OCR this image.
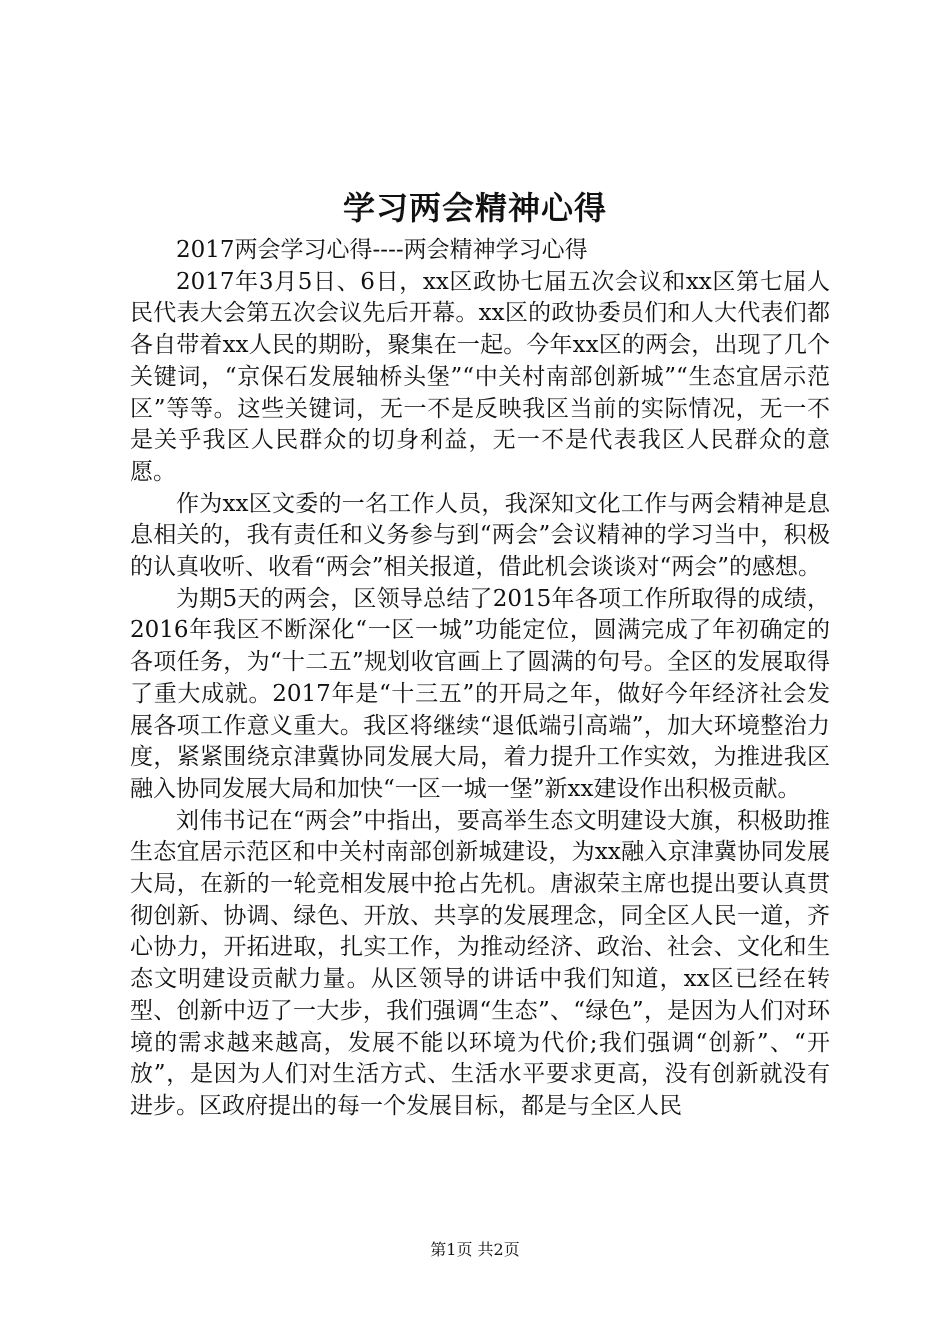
学习两会精神心得

2017两会学习心得----两会精神学习心得

2017年3月5日、6日，xx区政协七届五次会议和xx区第七届人民代表大会第五次会议先后开幕。xx区的政协委员们和人大代表们都各自带着xx人民的期盼，聚集在一起。今年xx区的两会，出现了几个关键词，“京保石发展轴桥头堡”“中关村南部创新城”“生态宜居示范区”等等。这些关键词，无一不是反映我区当前的实际情况，无一不是关乎我区人民群众的切身利益，无一不是代表我区人民群众的意愿。

作为xx区文委的一名工作人员，我深知文化工作与两会精神是息息相关的，我有责任和义务参与到“两会”会议精神的学习当中，积极的认真收听、收看“两会”相关报道，借此机会谈谈对“两会”的感想。

为期5天的两会，区领导总结了2015年各项工作所取得的成绩，2016年我区不断深化“一区一城”功能定位，圆满完成了年初确定的各项任务，为“十二五”规划收官画上了圆满的句号。全区的发展取得了重大成就。2017年是“十三五”的开局之年，做好今年经济社会发展各项工作意义重大。我区将继续“退低端引高端”，加大环境整治力度，紧紧围绕京津冀协同发展大局，着力提升工作实效，为推进我区融入协同发展大局和加快“一区一城一堡”新xx建设作出积极贡献。

刘伟书记在“两会”中指出，要高举生态文明建设大旗，积极助推生态宜居示范区和中关村南部创新城建设，为xx融入京津冀协同发展大局，在新的一轮竞相发展中抢占先机。唐淑荣主席也提出要认真贯彻创新、协调、绿色、开放、共享的发展理念，同全区人民一道，齐心协力，开拓进取，扎实工作，为推动经济、政治、社会、文化和生态文明建设贡献力量。从区领导的讲话中我们知道，xx区已经在转型、创新中迈了一大步，我们强调“生态”、“绿色”，是因为人们对环境的需求越来越高，发展不能以环境为代价;我们强调“创新”、“开放”，是因为人们对生活方式、生活水平要求更高，没有创新就没有进步。区政府提出的每一个发展目标，都是与全区人民

第1页 共2页
